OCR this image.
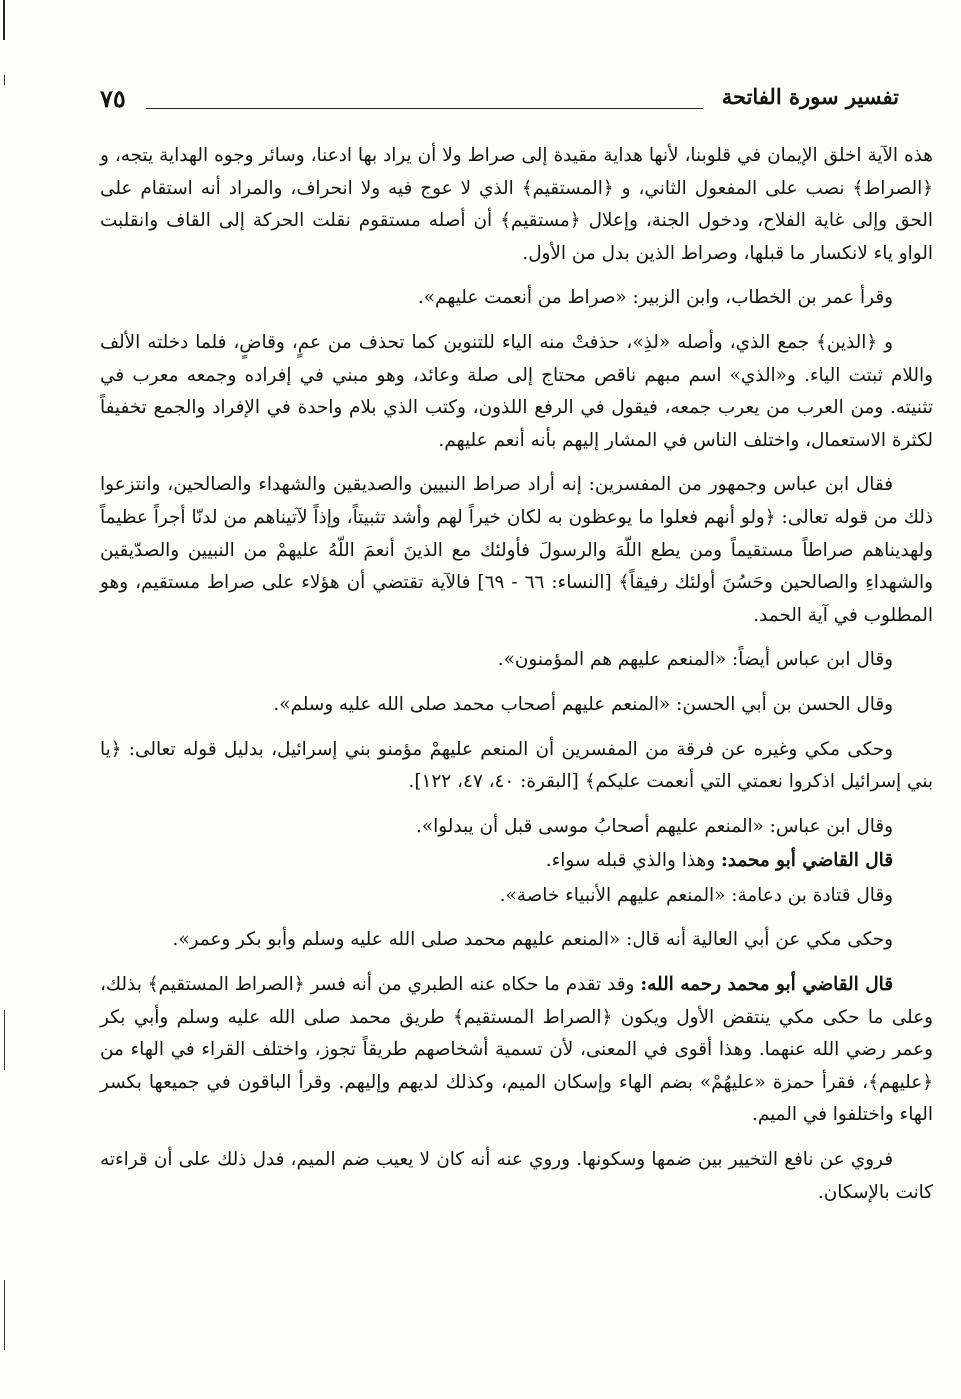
تفسير سورة الفاتحة
٧٥

هذه الآية اخلق الإيمان في قلوبنا، لأنها هداية مقيدة إلى صراط ولا أن يراد بها ادعنا، وسائر وجوه الهداية يتجه، و ﴿الصراط﴾ نصب على المفعول الثاني، و ﴿المستقيم﴾ الذي لا عوج فيه ولا انحراف، والمراد أنه استقام على الحق وإلى غاية الفلاح، ودخول الجنة، وإعلال ﴿مستقيم﴾ أن أصله مستقوم نقلت الحركة إلى القاف وانقلبت الواو ياء لانكسار ما قبلها، وصراط الذين بدل من الأول.

وقرأ عمر بن الخطاب، وابن الزبير: «صراط من أنعمت عليهم».

و ﴿الذين﴾ جمع الذي، وأصله «لذِ»، حذفتْ منه الياء للتنوين كما تحذف من عمٍ، وقاضٍ، فلما دخلته الألف واللام ثبتت الياء. و«الذي» اسم مبهم ناقص محتاج إلى صلة وعائد، وهو مبني في إفراده وجمعه معرب في تثنيته. ومن العرب من يعرب جمعه، فيقول في الرفع اللذون، وكتب الذي بلام واحدة في الإفراد والجمع تخفيفاً لكثرة الاستعمال، واختلف الناس في المشار إليهم بأنه أنعم عليهم.

فقال ابن عباس وجمهور من المفسرين: إنه أراد صراط النبيين والصديقين والشهداء والصالحين، وانتزعوا ذلك من قوله تعالى: ﴿ولو أنهم فعلوا ما يوعظون به لكان خيراً لهم وأشد تثبيتاً، وإذاً لآتيناهم من لدنّا أجراً عظيماً ولهديناهم صراطاً مستقيماً ومن يطع اللّهَ والرسولَ فأولئك مع الذينَ أنعمَ اللّهُ عليهمْ من النبيين والصدّيقين والشهداءِ والصالحين وحَسُنَ أولئك رفيقاً﴾ [النساء: ٦٦ - ٦٩] فالآية تقتضي أن هؤلاء على صراط مستقيم، وهو المطلوب في آية الحمد.

وقال ابن عباس أيضاً: «المنعم عليهم هم المؤمنون».

وقال الحسن بن أبي الحسن: «المنعم عليهم أصحاب محمد صلى الله عليه وسلم».

وحكى مكي وغيره عن فرقة من المفسرين أن المنعم عليهمْ مؤمنو بني إسرائيل، بدليل قوله تعالى: ﴿يا بني إسرائيل اذكروا نعمتي التي أنعمت عليكم﴾ [البقرة: ٤٠، ٤٧، ١٢٢].

وقال ابن عباس: «المنعم عليهم أصحابُ موسى قبل أن يبدلوا».

قال القاضي أبو محمد: وهذا والذي قبله سواء.

وقال قتادة بن دعامة: «المنعم عليهم الأنبياء خاصة».

وحكى مكي عن أبي العالية أنه قال: «المنعم عليهم محمد صلى الله عليه وسلم وأبو بكر وعمر».

قال القاضي أبو محمد رحمه الله: وقد تقدم ما حكاه عنه الطبري من أنه فسر ﴿الصراط المستقيم﴾ بذلك، وعلى ما حكى مكي ينتقض الأول ويكون ﴿الصراط المستقيم﴾ طريق محمد صلى الله عليه وسلم وأبي بكر وعمر رضي الله عنهما. وهذا أقوى في المعنى، لأن تسمية أشخاصهم طريقاً تجوز، واختلف القراء في الهاء من ﴿عليهم﴾، فقرأ حمزة «عليهُمْ» بضم الهاء وإسكان الميم، وكذلك لديهم وإليهم. وقرأ الباقون في جميعها بكسر الهاء واختلفوا في الميم.

فروي عن نافع التخيير بين ضمها وسكونها. وروي عنه أنه كان لا يعيب ضم الميم، فدل ذلك على أن قراءته كانت بالإسكان.
